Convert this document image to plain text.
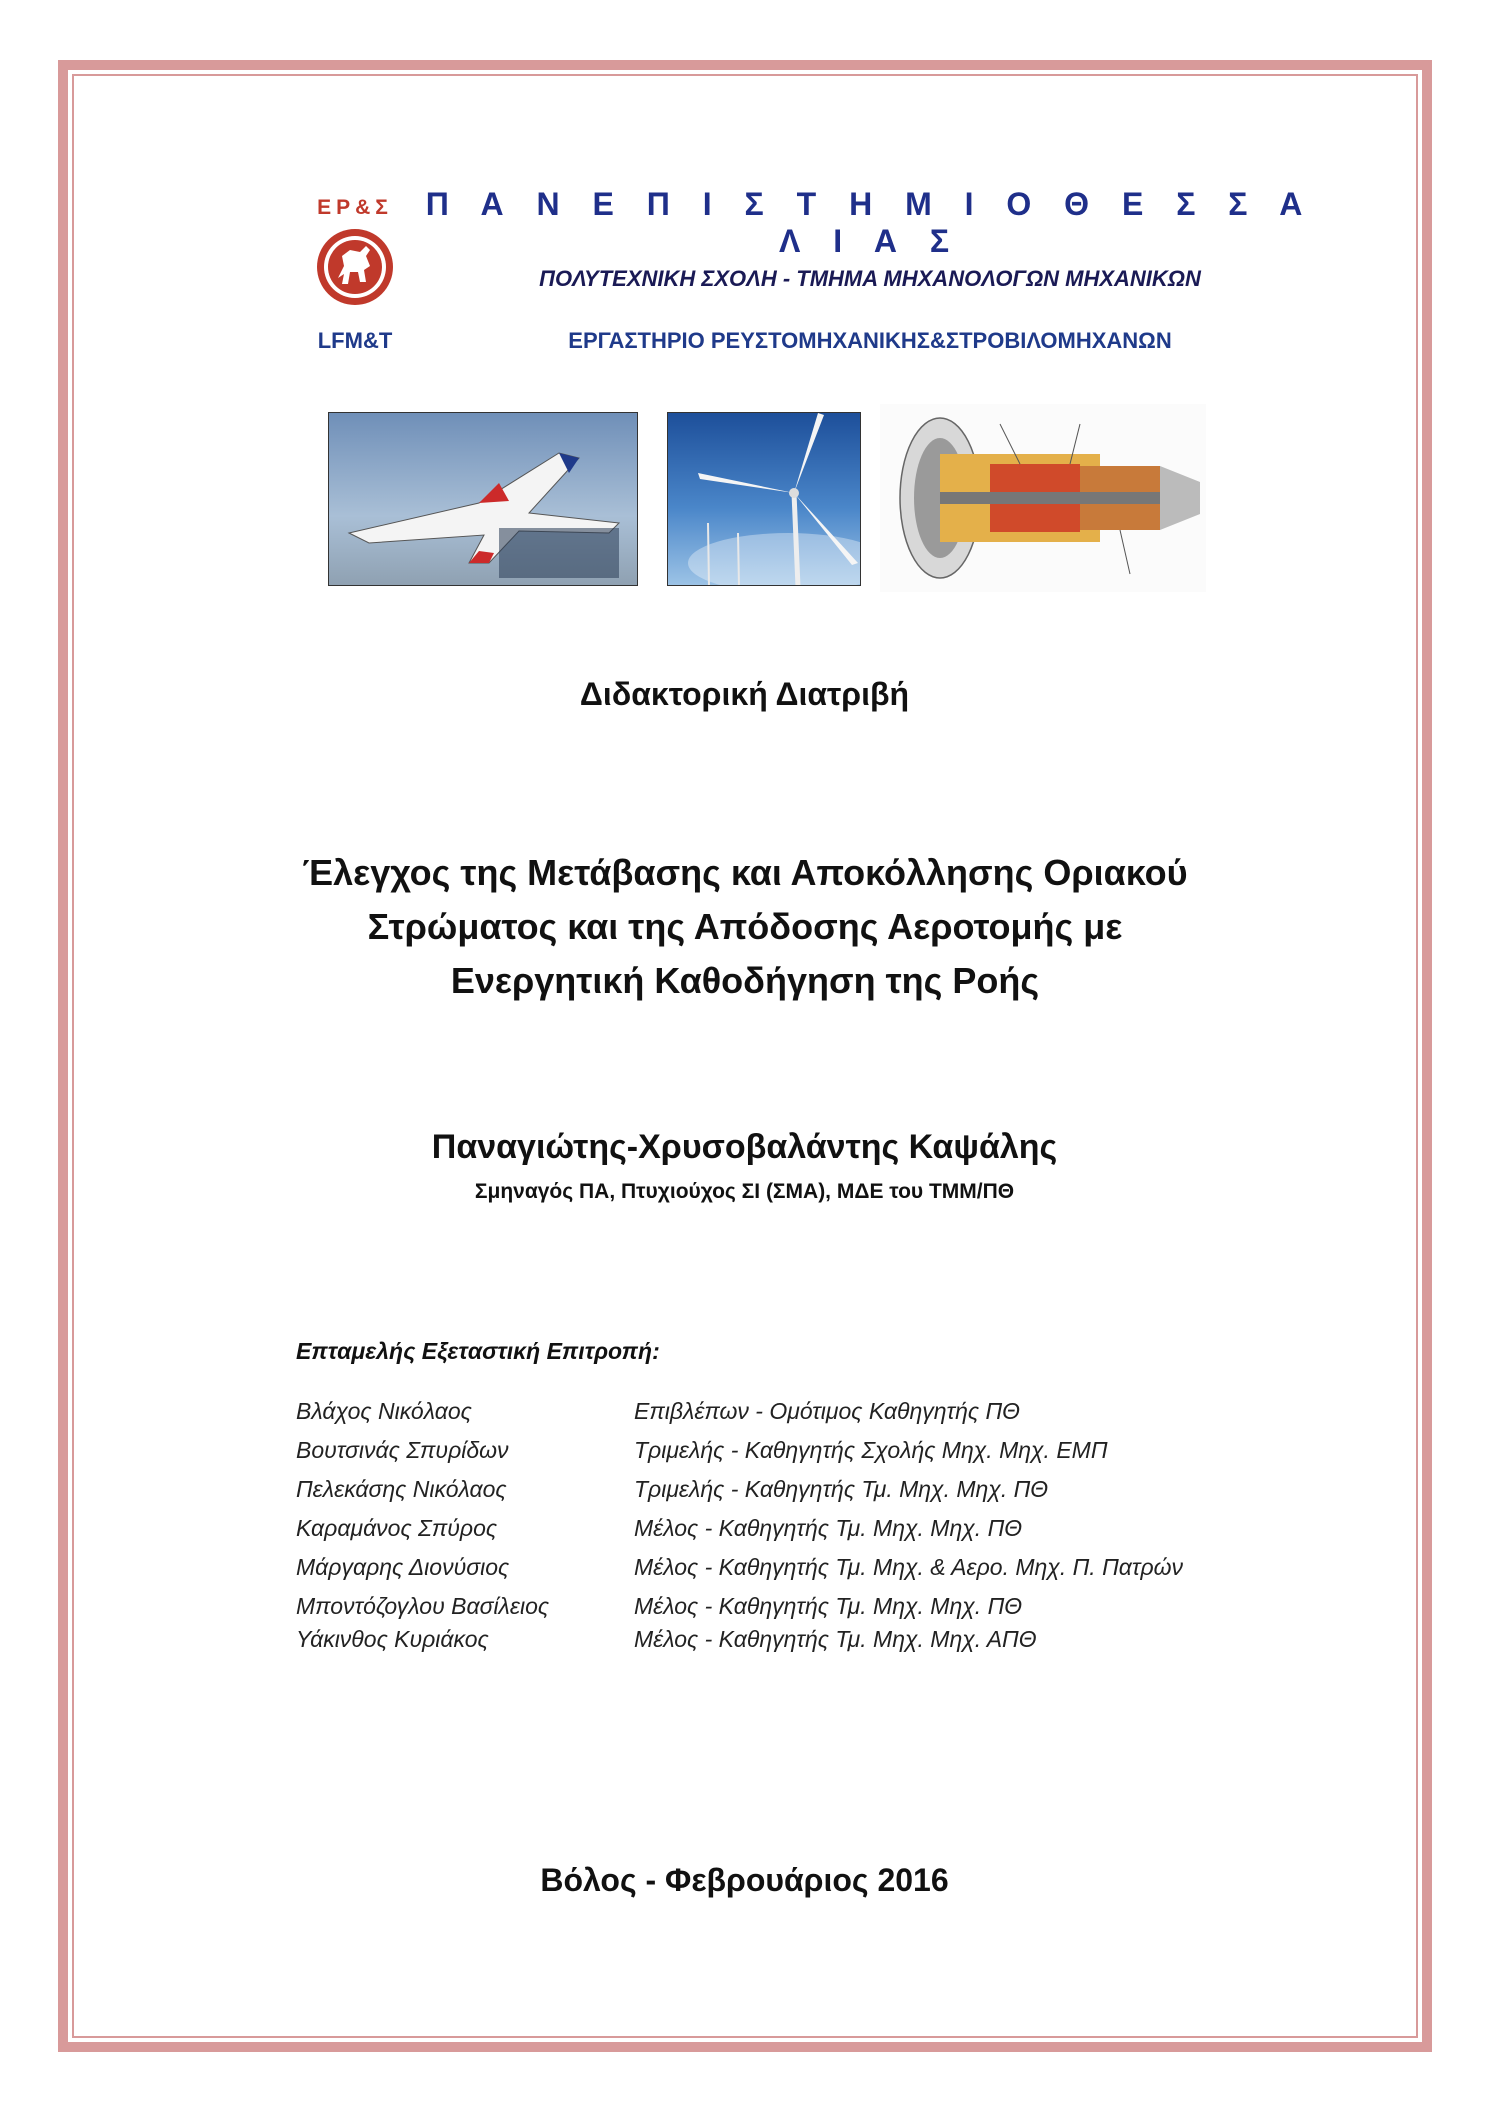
ΕΡ&Σ
LFM&T
Π Α Ν Ε Π Ι Σ Τ Η Μ Ι Ο Θ Ε Σ Σ Α Λ Ι Α Σ
ΠΟΛΥΤΕΧΝΙΚΗ ΣΧΟΛΗ - ΤΜΗΜΑ ΜΗΧΑΝΟΛΟΓΩΝ ΜΗΧΑΝΙΚΩΝ
ΕΡΓΑΣΤΗΡΙΟ ΡΕΥΣΤΟΜΗΧΑΝΙΚΗΣ&ΣΤΡΟΒΙΛΟΜΗΧΑΝΩΝ
Διδακτορική Διατριβή
Έλεγχος της Μετάβασης και Αποκόλλησης Οριακού
Στρώματος και της Απόδοσης Αεροτομής με
Ενεργητική Καθοδήγηση της Ροής
Παναγιώτης-Χρυσοβαλάντης Καψάλης
Σμηναγός ΠΑ, Πτυχιούχος ΣΙ (ΣΜΑ), ΜΔΕ του ΤΜΜ/ΠΘ
Επταμελής Εξεταστική Επιτροπή:
Βλάχος Νικόλαος	Επιβλέπων - Ομότιμος Καθηγητής ΠΘ
Βουτσινάς Σπυρίδων	Τριμελής - Καθηγητής Σχολής Μηχ. Μηχ. ΕΜΠ
Πελεκάσης Νικόλαος	Τριμελής - Καθηγητής Τμ. Μηχ. Μηχ. ΠΘ
Καραμάνος Σπύρος	Μέλος - Καθηγητής Τμ. Μηχ. Μηχ. ΠΘ
Μάργαρης Διονύσιος	Μέλος - Καθηγητής Τμ. Μηχ. & Αερο. Μηχ. Π. Πατρών
Μποντόζογλου Βασίλειος	Μέλος - Καθηγητής Τμ. Μηχ. Μηχ. ΠΘ
Υάκινθος Κυριάκος	Μέλος - Καθηγητής Τμ. Μηχ. Μηχ. ΑΠΘ
Βόλος - Φεβρουάριος 2016
